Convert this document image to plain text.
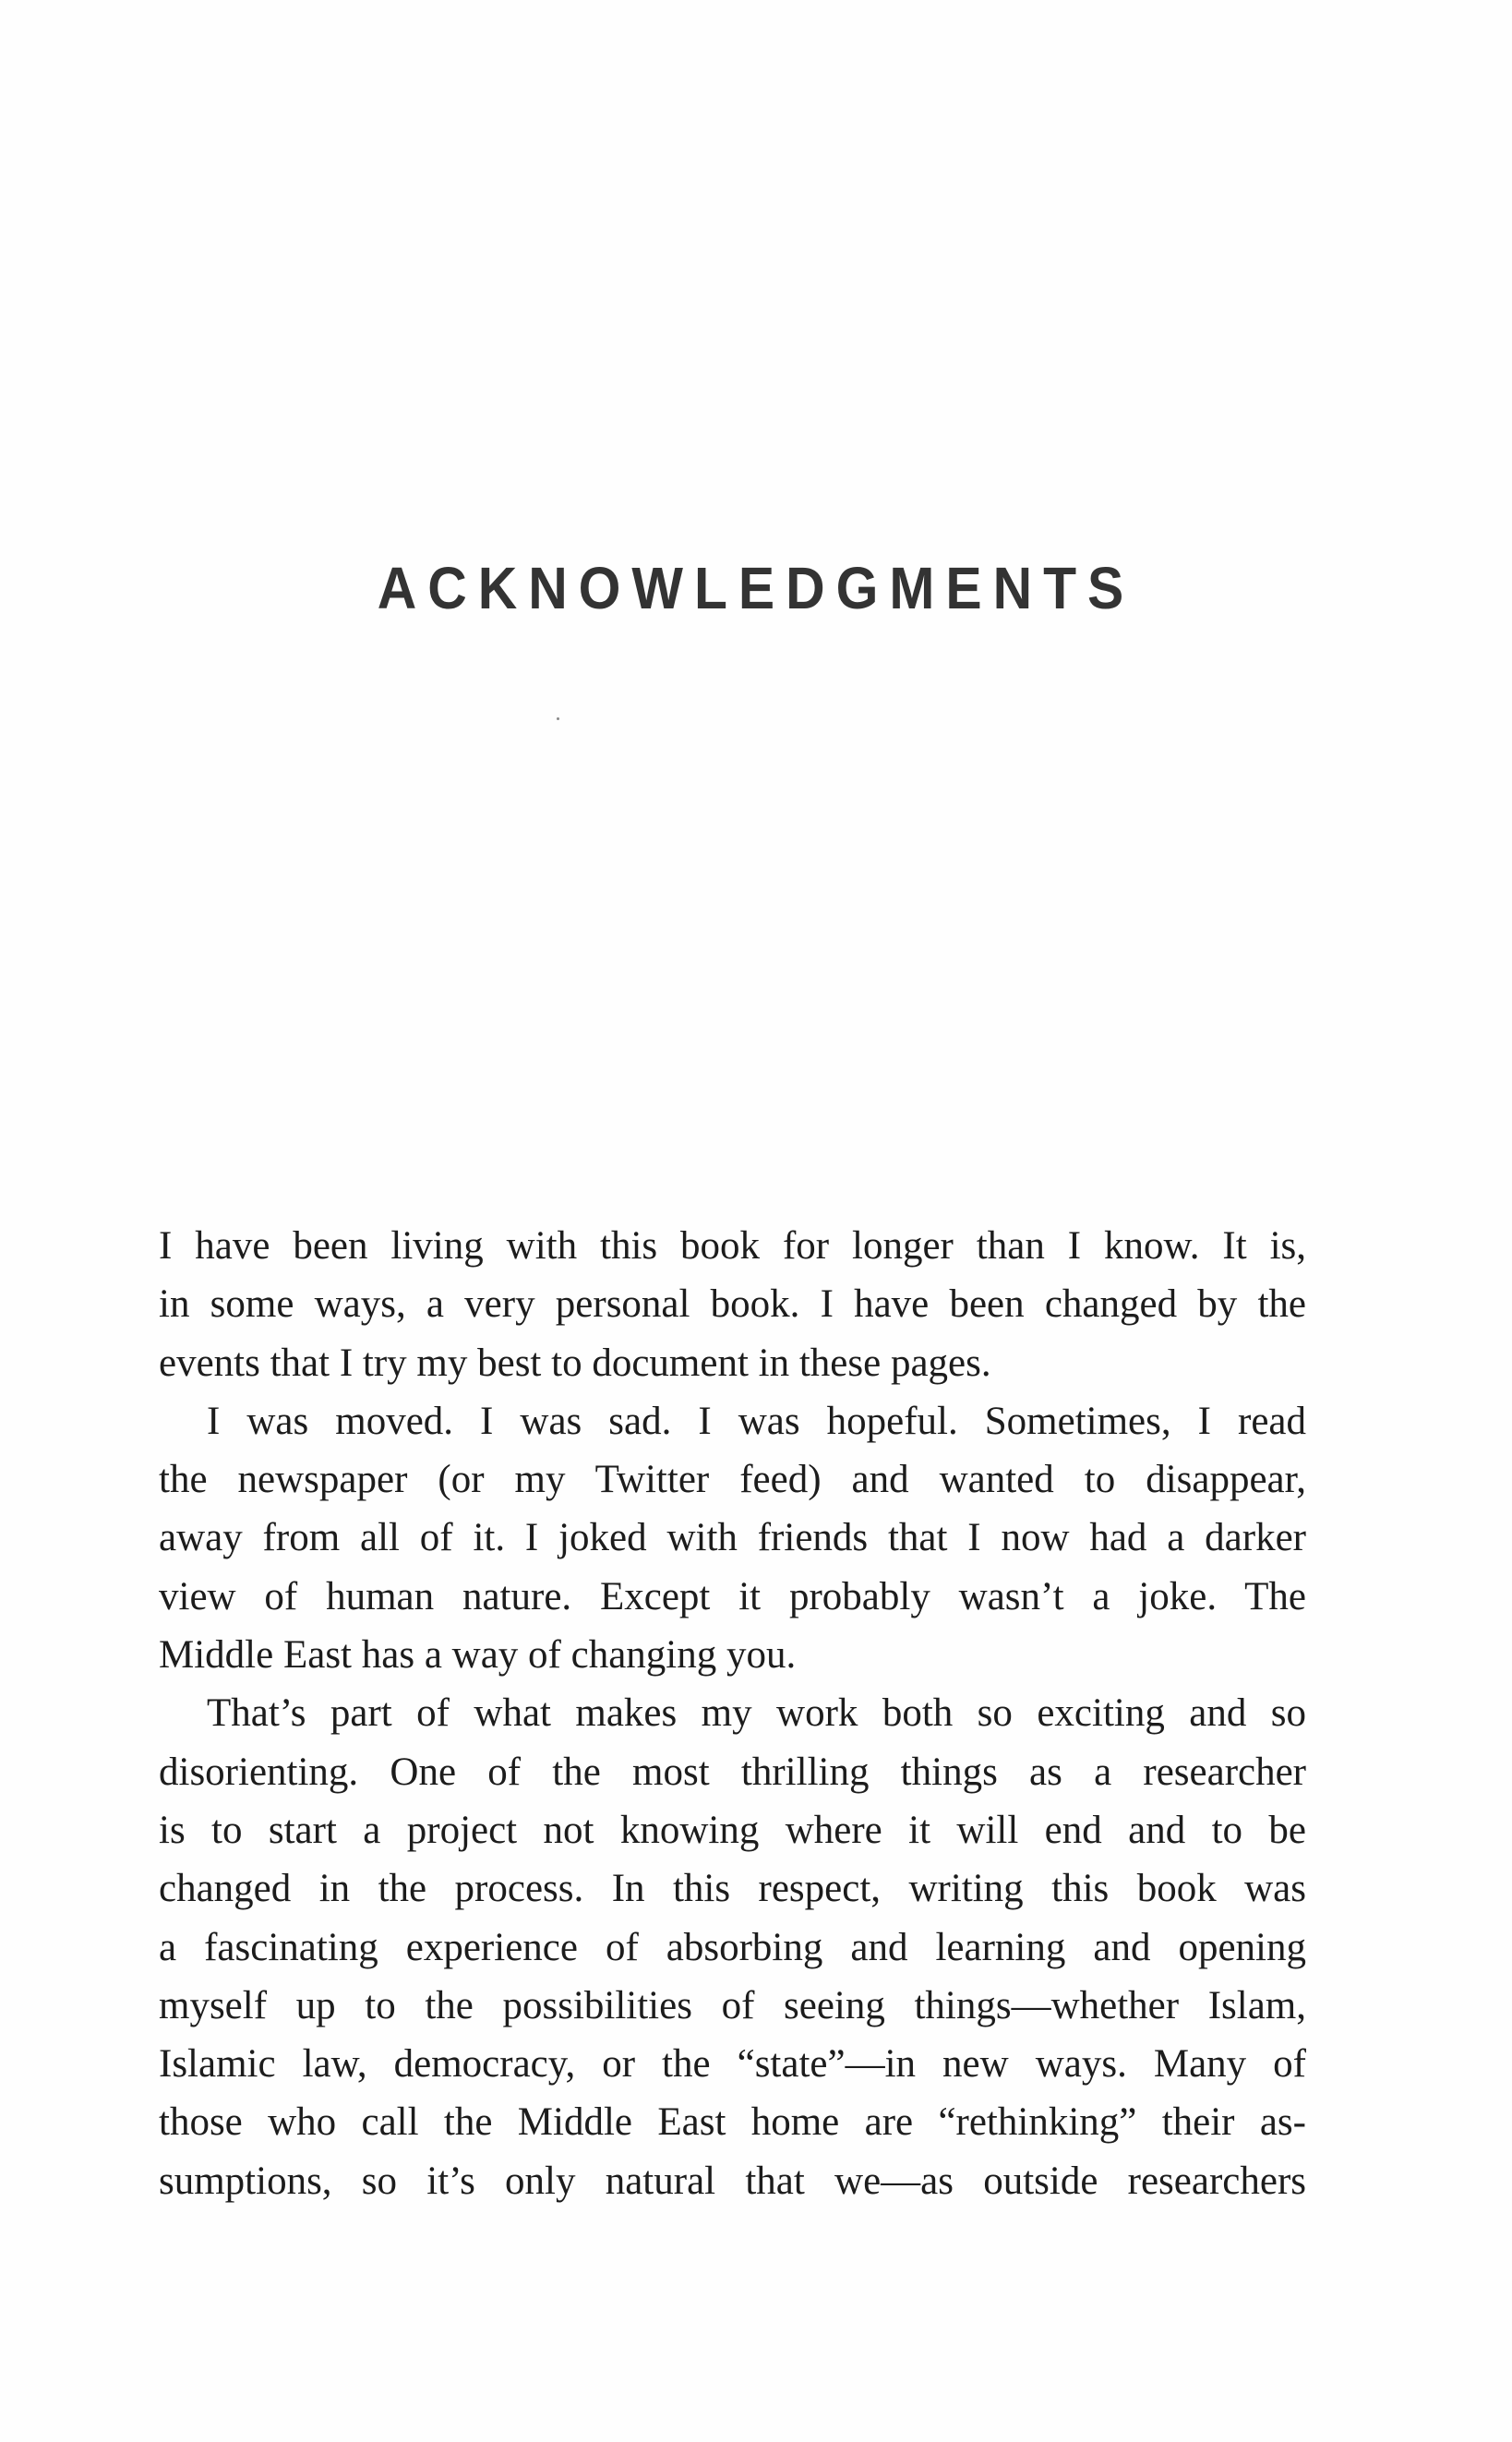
ACKNOWLEDGMENTS
I have been living with this book for longer than I know. It is,
in some ways, a very personal book. I have been changed by the
events that I try my best to document in these pages.
I was moved. I was sad. I was hopeful. Sometimes, I read
the newspaper (or my Twitter feed) and wanted to disappear,
away from all of it. I joked with friends that I now had a darker
view of human nature. Except it probably wasn’t a joke. The
Middle East has a way of changing you.
That’s part of what makes my work both so exciting and so
disorienting. One of the most thrilling things as a researcher
is to start a project not knowing where it will end and to be
changed in the process. In this respect, writing this book was
a fascinating experience of absorbing and learning and opening
myself up to the possibilities of seeing things—whether Islam,
Islamic law, democracy, or the “state”—in new ways. Many of
those who call the Middle East home are “rethinking” their as-
sumptions, so it’s only natural that we—as outside researchers
